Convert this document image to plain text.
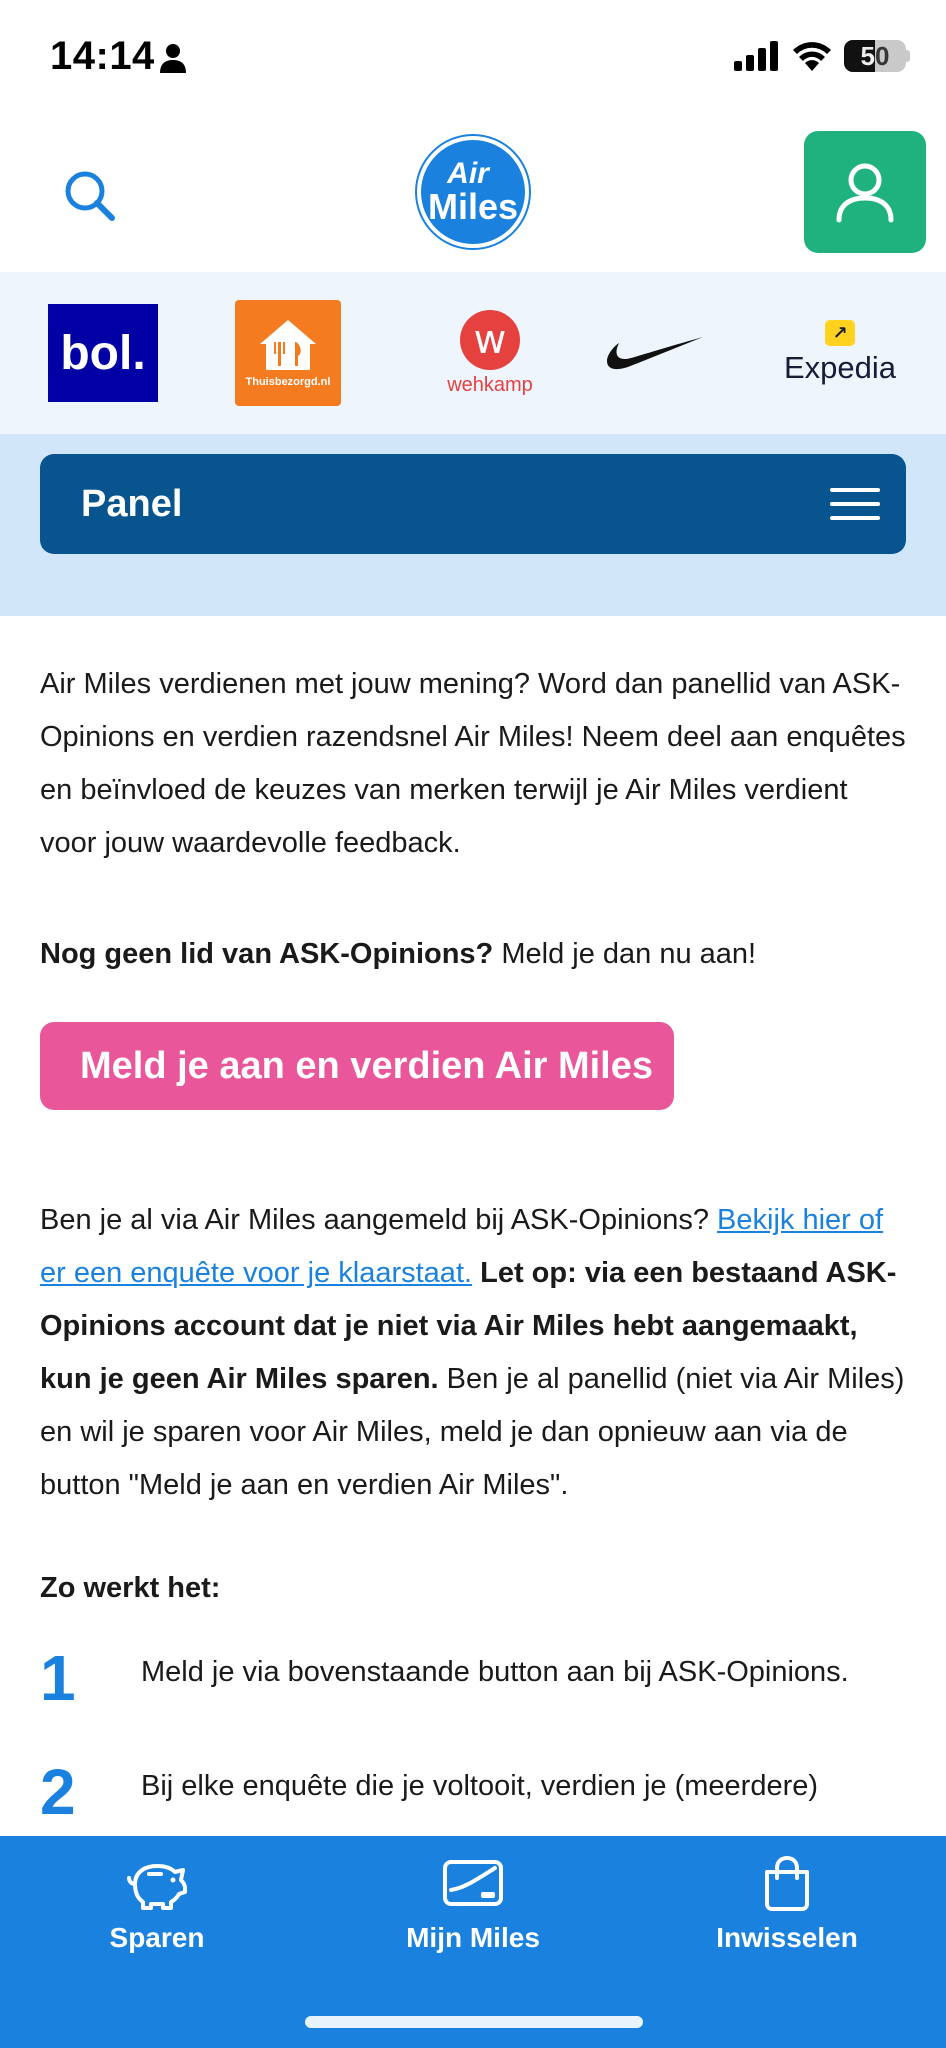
14:14	50
Air
Miles
bol.
Thuisbezorgd.nl
w
wehkamp
↗
Expedia
Panel

Air Miles verdienen met jouw mening? Word dan panellid van ASK-Opinions en verdien razendsnel Air Miles! Neem deel aan enquêtes en beïnvloed de keuzes van merken terwijl je Air Miles verdient voor jouw waardevolle feedback.

Nog geen lid van ASK-Opinions? Meld je dan nu aan!

Meld je aan en verdien Air Miles

Ben je al via Air Miles aangemeld bij ASK-Opinions? Bekijk hier of er een enquête voor je klaarstaat. Let op: via een bestaand ASK-Opinions account dat je niet via Air Miles hebt aangemaakt, kun je geen Air Miles sparen. Ben je al panellid (niet via Air Miles) en wil je sparen voor Air Miles, meld je dan opnieuw aan via de button "Meld je aan en verdien Air Miles".

Zo werkt het:
1 Meld je via bovenstaande button aan bij ASK-Opinions.
2 Bij elke enquête die je voltooit, verdien je (meerdere)
Sparen	Mijn Miles	Inwisselen
